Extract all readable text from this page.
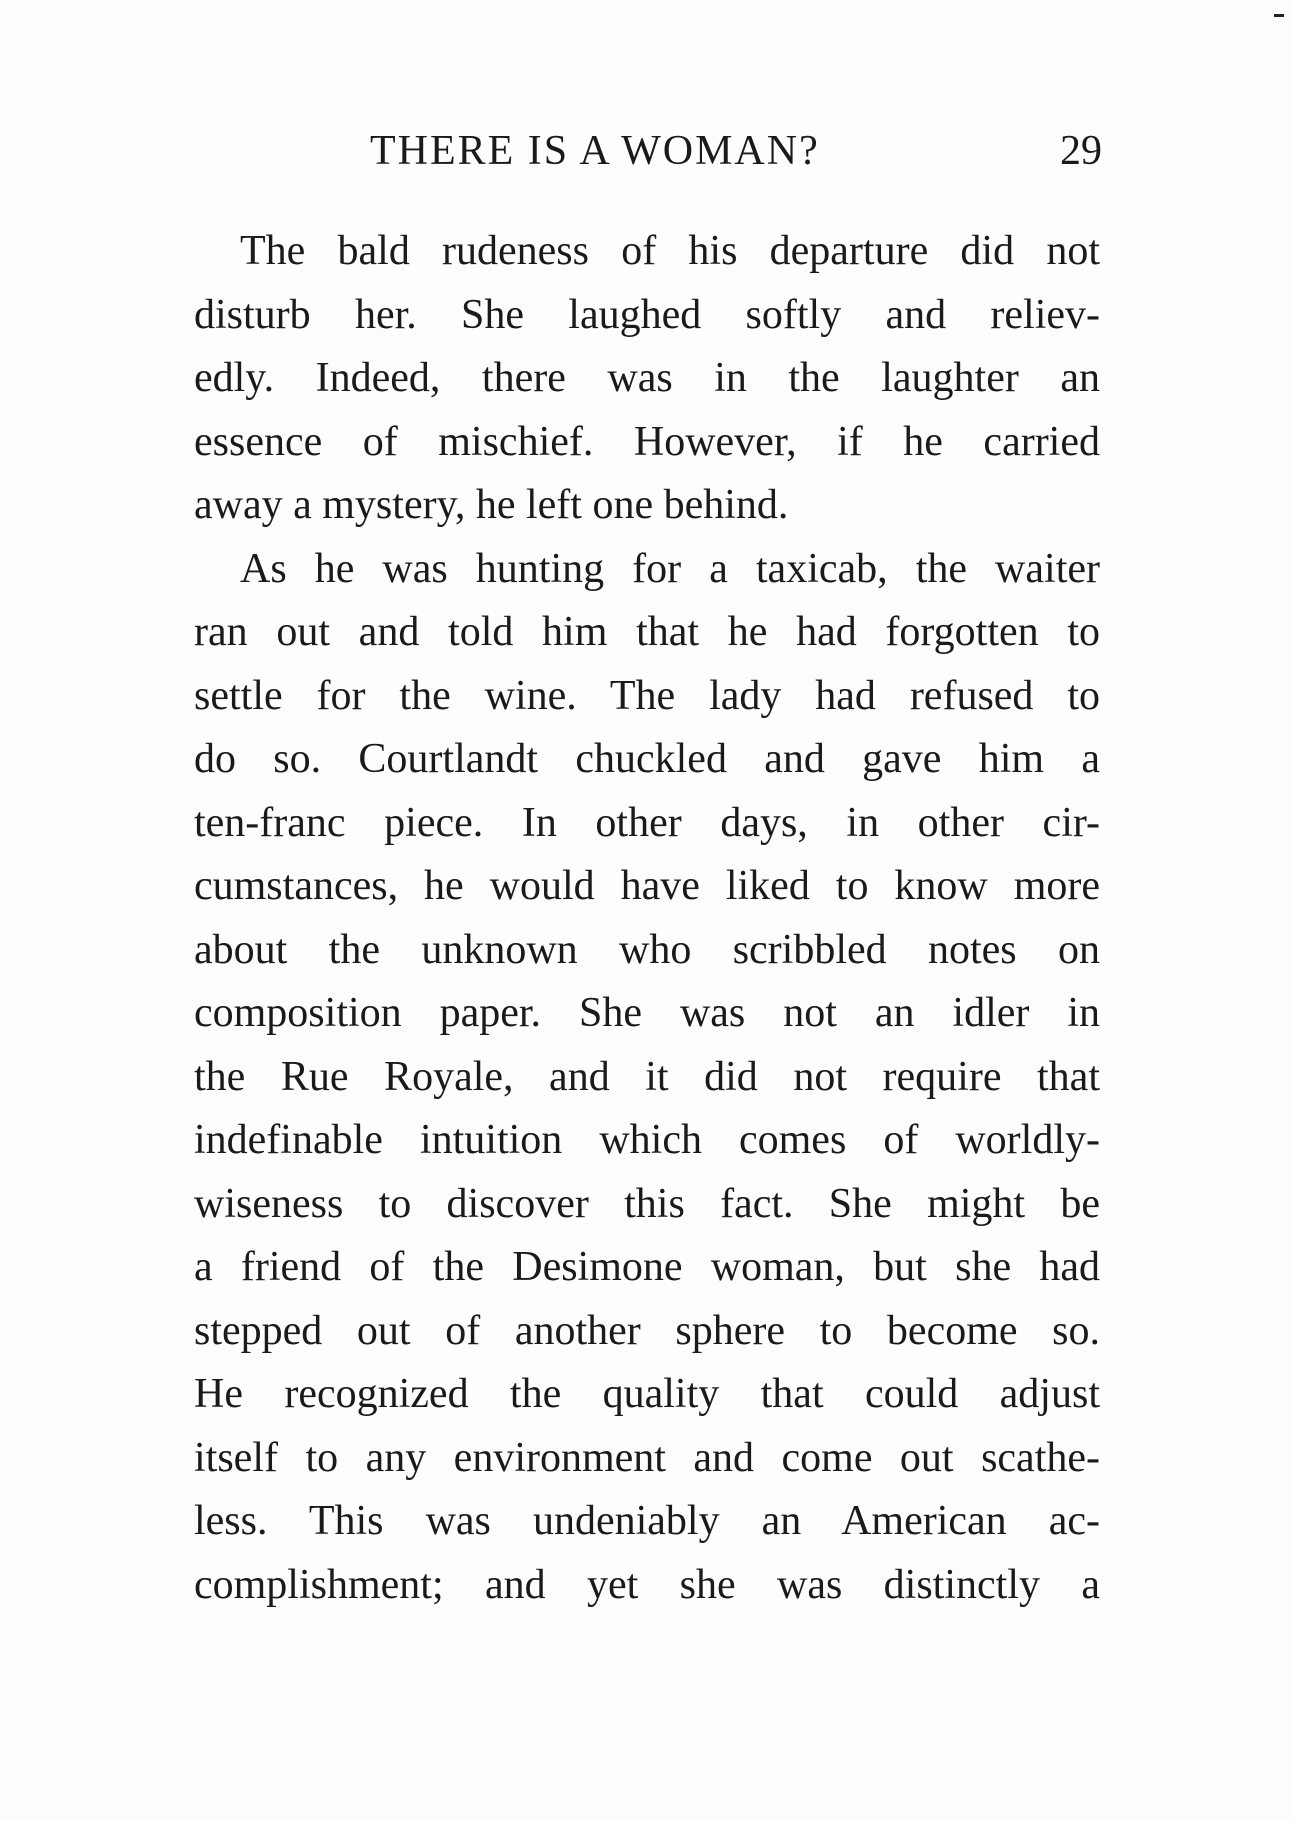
THERE IS A WOMAN?	29
The bald rudeness of his departure did not
disturb her. She laughed softly and reliev-
edly. Indeed, there was in the laughter an
essence of mischief. However, if he carried
away a mystery, he left one behind.
As he was hunting for a taxicab, the waiter
ran out and told him that he had forgotten to
settle for the wine. The lady had refused to
do so. Courtlandt chuckled and gave him a
ten-franc piece. In other days, in other cir-
cumstances, he would have liked to know more
about the unknown who scribbled notes on
composition paper. She was not an idler in
the Rue Royale, and it did not require that
indefinable intuition which comes of worldly-
wiseness to discover this fact. She might be
a friend of the Desimone woman, but she had
stepped out of another sphere to become so.
He recognized the quality that could adjust
itself to any environment and come out scathe-
less. This was undeniably an American ac-
complishment; and yet she was distinctly a
